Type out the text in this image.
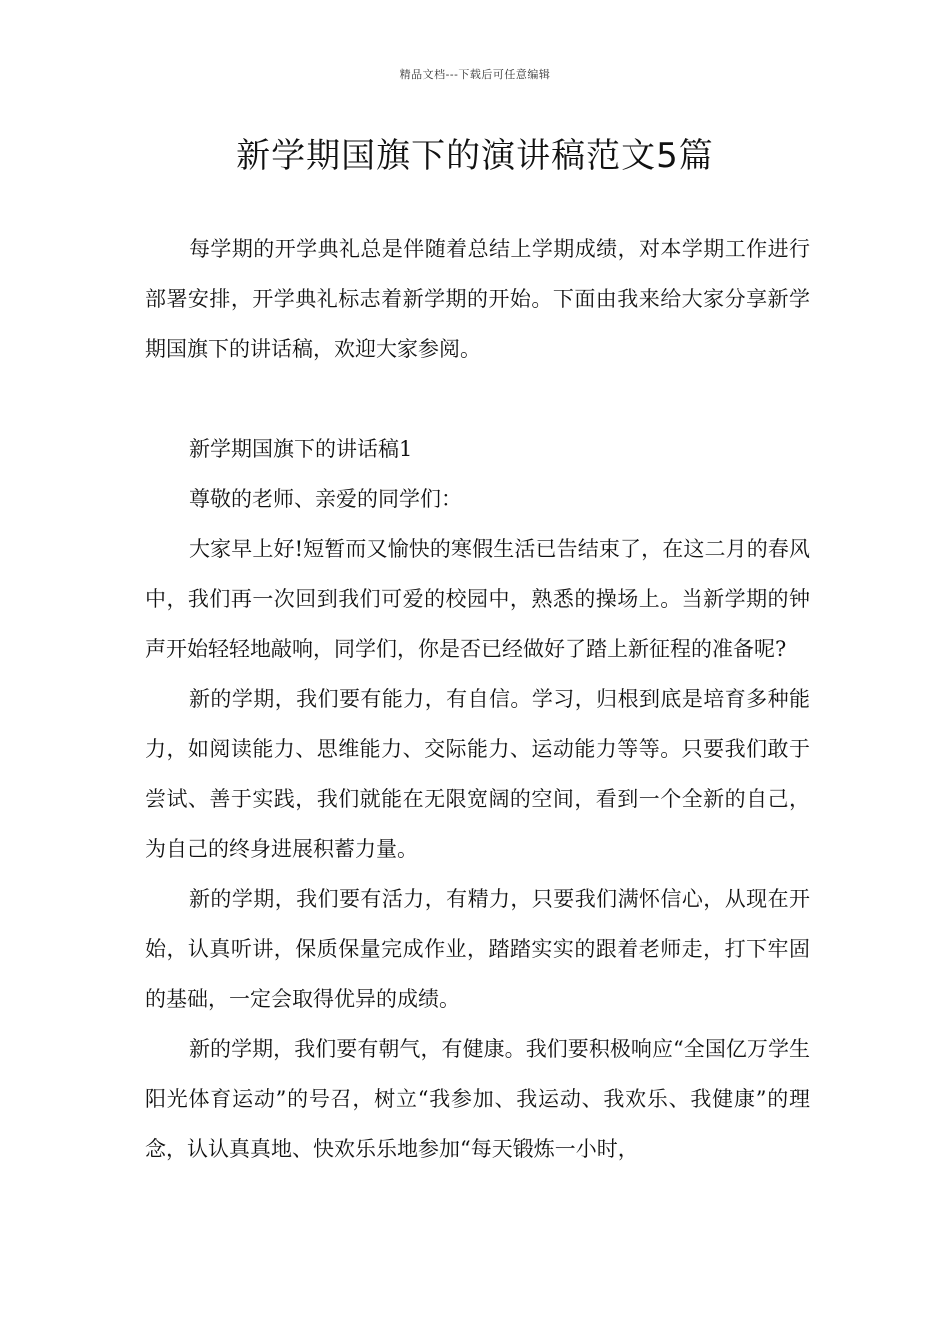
精品文档---下载后可任意编辑
新学期国旗下的演讲稿范文5篇

每学期的开学典礼总是伴随着总结上学期成绩，对本学期工作进行部署安排，开学典礼标志着新学期的开始。下面由我来给大家分享新学期国旗下的讲话稿，欢迎大家参阅。

新学期国旗下的讲话稿1

尊敬的老师、亲爱的同学们：

大家早上好!短暂而又愉快的寒假生活已告结束了，在这二月的春风中，我们再一次回到我们可爱的校园中，熟悉的操场上。当新学期的钟声开始轻轻地敲响，同学们，你是否已经做好了踏上新征程的准备呢?

新的学期，我们要有能力，有自信。学习，归根到底是培育多种能力，如阅读能力、思维能力、交际能力、运动能力等等。只要我们敢于尝试、善于实践，我们就能在无限宽阔的空间，看到一个全新的自己，为自己的终身进展积蓄力量。

新的学期，我们要有活力，有精力，只要我们满怀信心，从现在开始，认真听讲，保质保量完成作业，踏踏实实的跟着老师走，打下牢固的基础，一定会取得优异的成绩。

新的学期，我们要有朝气，有健康。我们要积极响应“全国亿万学生阳光体育运动”的号召，树立“我参加、我运动、我欢乐、我健康”的理念，认认真真地、快欢乐乐地参加“每天锻炼一小时，
